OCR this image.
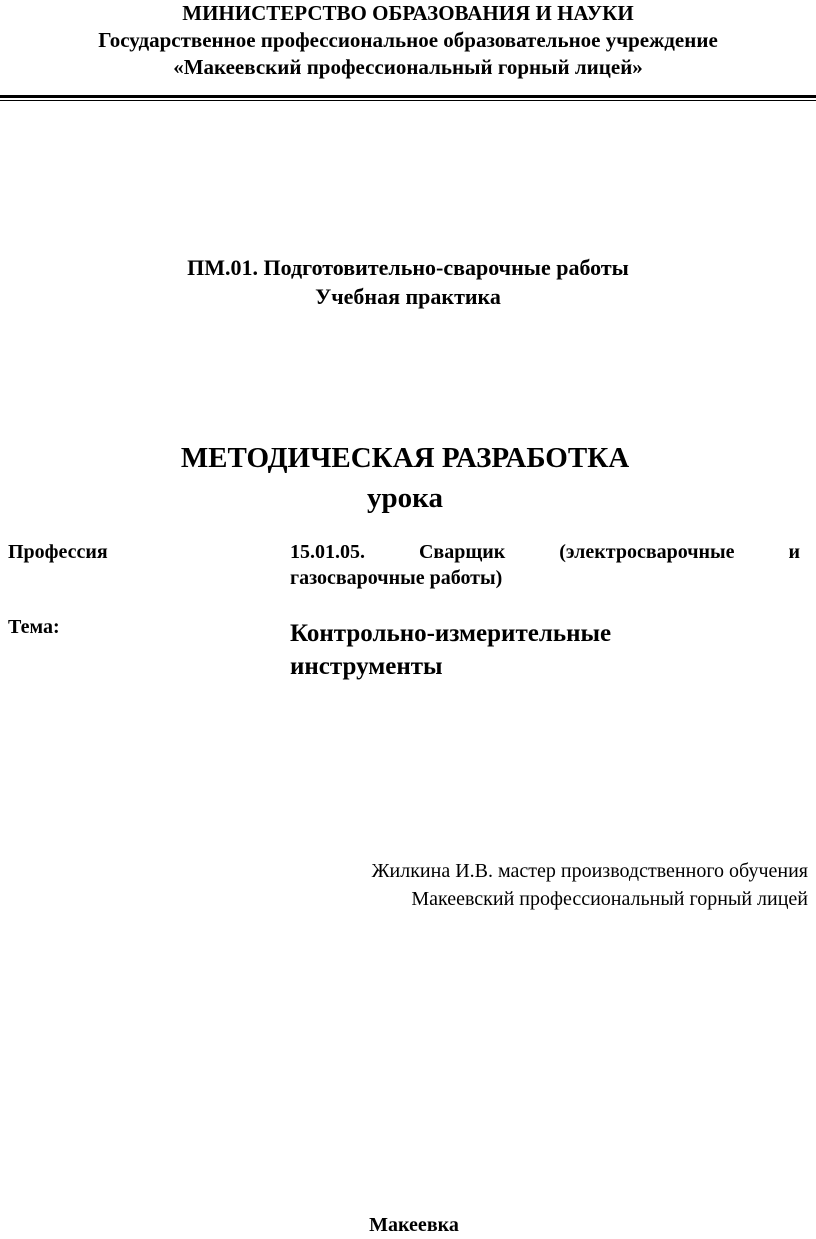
МИНИСТЕРСТВО ОБРАЗОВАНИЯ И НАУКИ
Государственное профессиональное образовательное учреждение
«Макеевский профессиональный горный лицей»
ПМ.01. Подготовительно-сварочные работы
Учебная практика
МЕТОДИЧЕСКАЯ РАЗРАБОТКА
урока
Профессия	15.01.05. Сварщик (электросварочные и
газосварочные работы)
Тема:	Контрольно-измерительные
инструменты
Жилкина И.В. мастер производственного обучения
Макеевский профессиональный горный лицей
Макеевка
